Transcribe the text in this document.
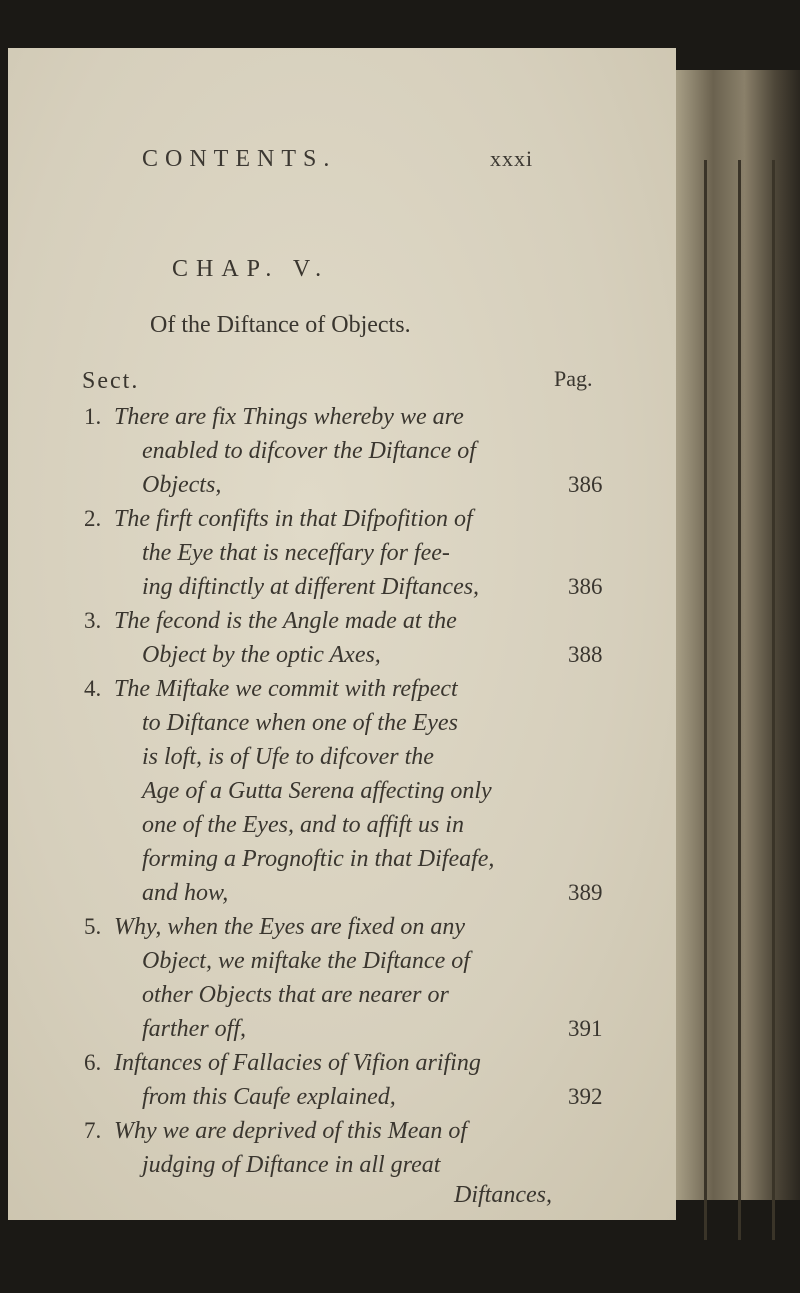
CONTENTS.	xxxi
CHAP. V.
Of the Diftance of Objects.
Sect.	Pag.
1. There are fix Things whereby we are
enabled to difcover the Diftance of
Objects,	386
2. The firft confifts in that Difpofition of
the Eye that is neceffary for fee-
ing diftinctly at different Diftances,	386
3. The fecond is the Angle made at the
Object by the optic Axes,	388
4. The Miftake we commit with refpect
to Diftance when one of the Eyes
is loft, is of Ufe to difcover the
Age of a Gutta Serena affecting only
one of the Eyes, and to affift us in
forming a Prognoftic in that Difeafe,
and how,	389
5. Why, when the Eyes are fixed on any
Object, we miftake the Diftance of
other Objects that are nearer or
farther off,	391
6. Inftances of Fallacies of Vifion arifing
from this Caufe explained,	392
7. Why we are deprived of this Mean of
judging of Diftance in all great
Diftances,
